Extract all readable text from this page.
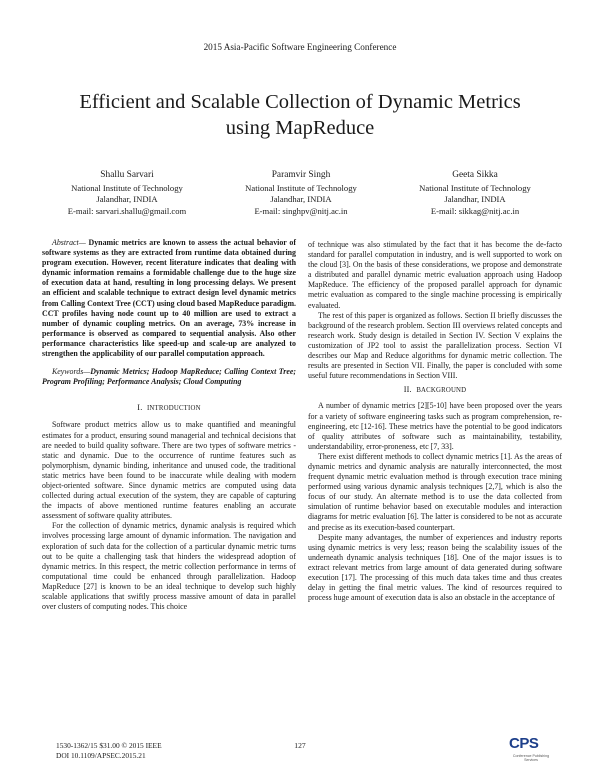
2015 Asia-Pacific Software Engineering Conference
Efficient and Scalable Collection of Dynamic Metrics
using MapReduce
Shallu Sarvari
National Institute of Technology
Jalandhar, INDIA
E-mail: sarvari.shallu@gmail.com
Paramvir Singh
National Institute of Technology
Jalandhar, INDIA
E-mail: singhpv@nitj.ac.in
Geeta Sikka
National Institute of Technology
Jalandhar, INDIA
E-mail: sikkag@nitj.ac.in

Abstract— Dynamic metrics are known to assess the actual behavior of software systems as they are extracted from runtime data obtained during program execution. However, recent literature indicates that dealing with dynamic information remains a formidable challenge due to the huge size of execution data at hand, resulting in long processing delays. We present an efficient and scalable technique to extract design level dynamic metrics from Calling Context Tree (CCT) using cloud based MapReduce paradigm. CCT profiles having node count up to 40 million are used to extract a number of dynamic coupling metrics. On an average, 73% increase in performance is observed as compared to sequential analysis. Also other performance characteristics like speed-up and scale-up are analyzed to strengthen the applicability of our parallel computation approach.

Keywords—Dynamic Metrics; Hadoop MapReduce; Calling Context Tree; Program Profiling; Performance Analysis; Cloud Computing

I. INTRODUCTION

Software product metrics allow us to make quantified and meaningful estimates for a product, ensuring sound managerial and technical decisions that are needed to build quality software. There are two types of software metrics - static and dynamic. Due to the occurrence of runtime features such as polymorphism, dynamic binding, inheritance and unused code, the traditional static metrics have been found to be inaccurate while dealing with modern object-oriented software. Since dynamic metrics are computed using data collected during actual execution of the system, they are capable of capturing the impacts of above mentioned runtime features enabling an accurate assessment of software quality attributes.

For the collection of dynamic metrics, dynamic analysis is required which involves processing large amount of dynamic information. The navigation and exploration of such data for the collection of a particular dynamic metric turns out to be quite a challenging task that hinders the widespread adoption of dynamic metrics. In this respect, the metric collection performance in terms of computational time could be enhanced through parallelization. Hadoop MapReduce [27] is known to be an ideal technique to develop such highly scalable applications that swiftly process massive amount of data in parallel over clusters of computing nodes. This choice

of technique was also stimulated by the fact that it has become the de-facto standard for parallel computation in industry, and is well supported to work on the cloud [3]. On the basis of these considerations, we propose and demonstrate a distributed and parallel dynamic metric evaluation approach using Hadoop MapReduce. The efficiency of the proposed parallel approach for dynamic metric evaluation as compared to the single machine processing is empirically evaluated.

The rest of this paper is organized as follows. Section II briefly discusses the background of the research problem. Section III overviews related concepts and research work. Study design is detailed in Section IV. Section V explains the customization of JP2 tool to assist the parallelization process. Section VI describes our Map and Reduce algorithms for dynamic metric collection. The results are presented in Section VII. Finally, the paper is concluded with some useful future recommendations in Section VIII.

II. BACKGROUND

A number of dynamic metrics [2][5-10] have been proposed over the years for a variety of software engineering tasks such as program comprehension, re-engineering, etc [12-16]. These metrics have the potential to be good indicators of quality attributes of software such as maintainability, testability, understandability, error-proneness, etc [7, 33].

There exist different methods to collect dynamic metrics [1]. As the areas of dynamic metrics and dynamic analysis are naturally interconnected, the most frequent dynamic metric evaluation method is through execution trace mining performed using various dynamic analysis techniques [2,7], which is also the focus of our study. An alternate method is to use the data collected from simulation of runtime behavior based on executable modules and interaction diagrams for metric evaluation [6]. The latter is considered to be not as accurate and precise as its execution-based counterpart.

Despite many advantages, the number of experiences and industry reports using dynamic metrics is very less; reason being the scalability issues of the underneath dynamic analysis techniques [18]. One of the major issues is to extract relevant metrics from large amount of data generated during software execution [17]. The processing of this much data takes time and thus creates delay in getting the final metric values. The kind of resources required to process huge amount of execution data is also an obstacle in the acceptance of

1530-1362/15 $31.00 © 2015 IEEE
DOI 10.1109/APSEC.2015.21
127	CPS
Conference Publishing Services
